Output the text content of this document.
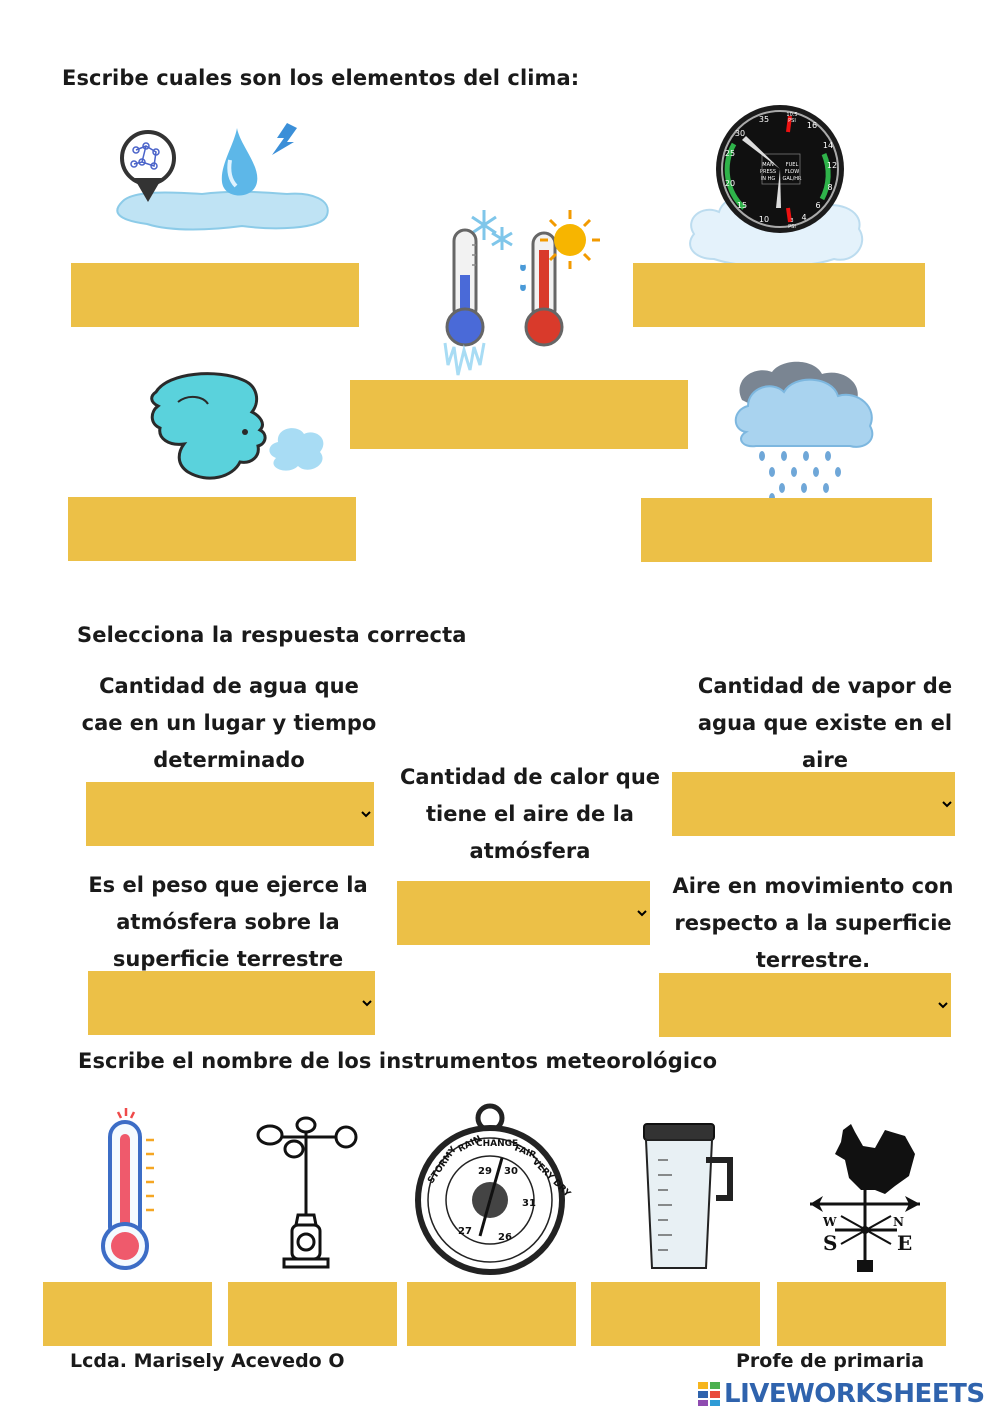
Escribe cuales son los elementos del clima:
35
30
25
20
15
10
16
14
12
8
6
4
10.5
PSI
3
PSI
MAN
PRESS
IN HG
FUEL
FLOW
GAL/HR
Selecciona la respuesta correcta
Cantidad de agua que
cae en un lugar y tiempo
determinado
Cantidad de vapor de
agua que existe en el
aire
Cantidad de calor que
tiene el aire de la
atmósfera
Es el peso que ejerce la
atmósfera sobre la
superficie terrestre
Aire en movimiento con
respecto a la superficie
terrestre.
Escribe el nombre de los instrumentos meteorológico
STORMY
RAIN
CHANGE
FAIR
VERY DRY
29 30
31
27
26
W
S
N
E
Lcda. Marisely Acevedo O	Profe de primaria
LIVEWORKSHEETS
